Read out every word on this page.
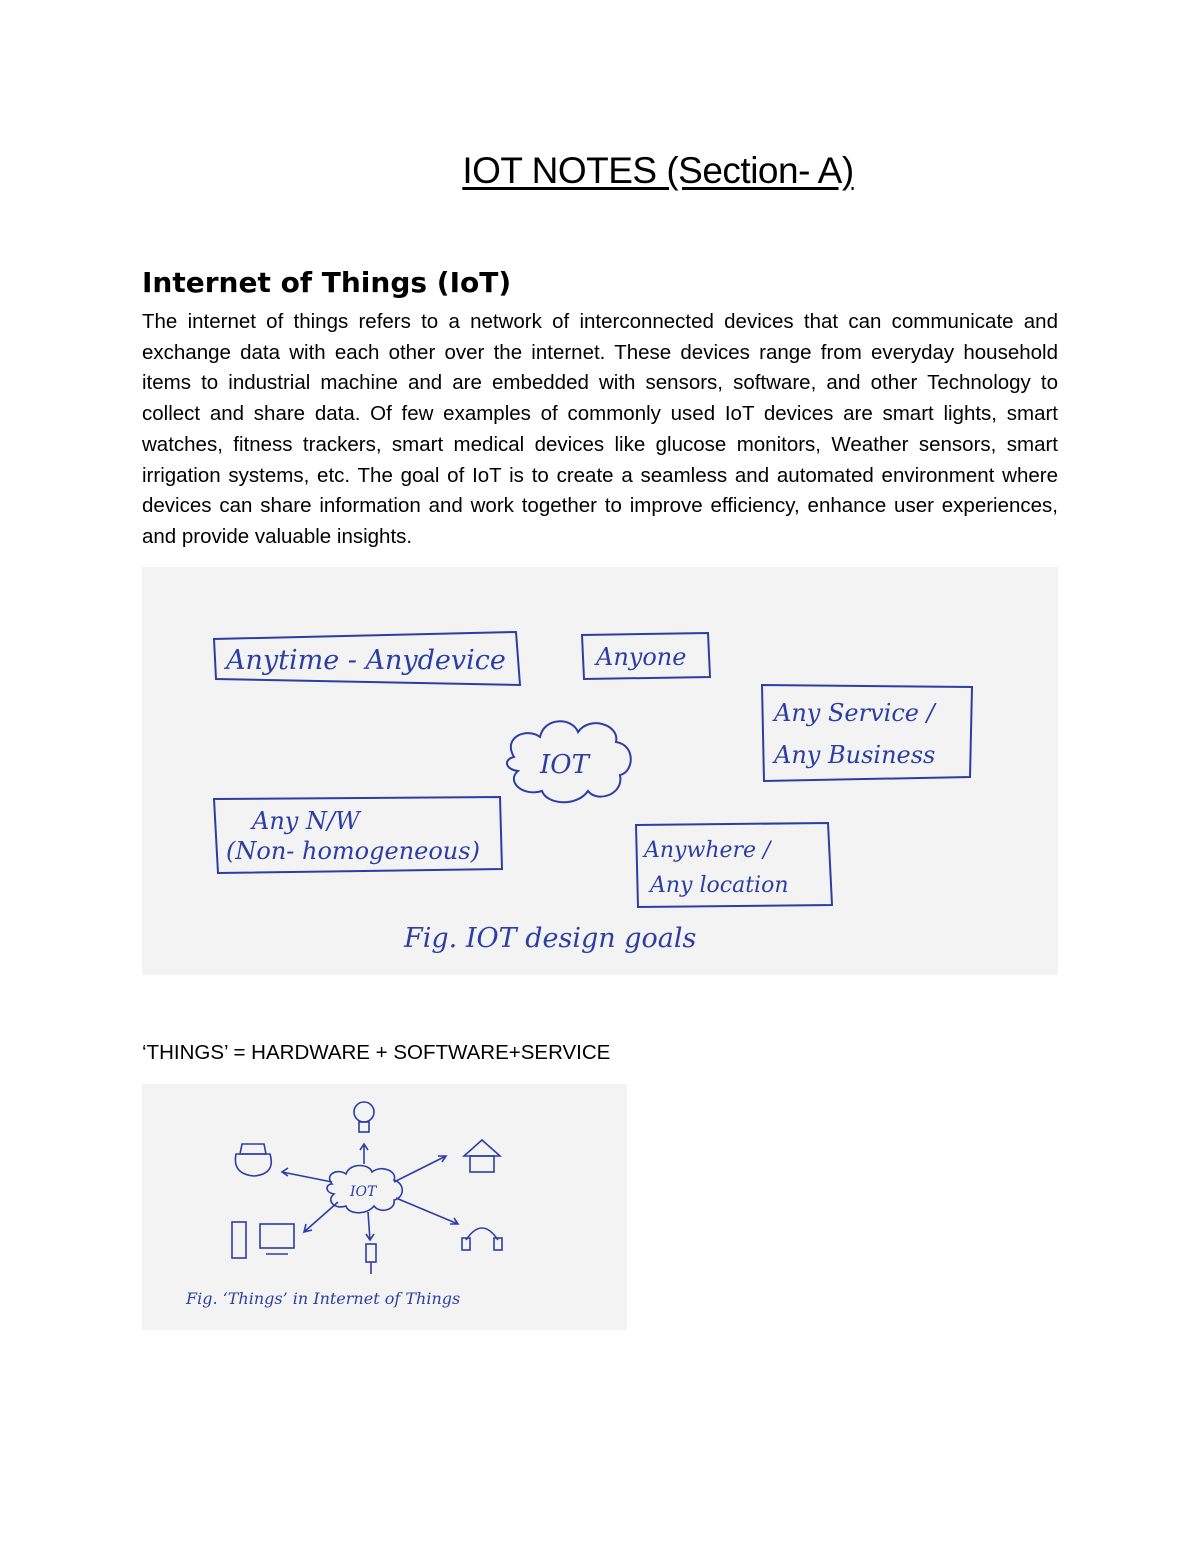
IOT NOTES (Section- A)
Internet of Things (IoT)

The internet of things refers to a network of interconnected devices that can communicate and exchange data with each other over the internet. These devices range from everyday household items to industrial machine and are embedded with sensors, software, and other Technology to collect and share data. Of few examples of commonly used IoT devices are smart lights, smart watches, fitness trackers, smart medical devices like glucose monitors, Weather sensors, smart irrigation systems, etc. The goal of IoT is to create a seamless and automated environment where devices can share information and work together to improve efficiency, enhance user experiences, and provide valuable insights.

Anytime - Anydevice	Anyone
Any Service /
Any Business
IOT
Any N/W
(Non- homogeneous)	Anywhere /
Any location
Fig. IOT design goals
‘THINGS’ = HARDWARE + SOFTWARE+SERVICE
IOT
Fig. ‘Things’ in Internet of Things
